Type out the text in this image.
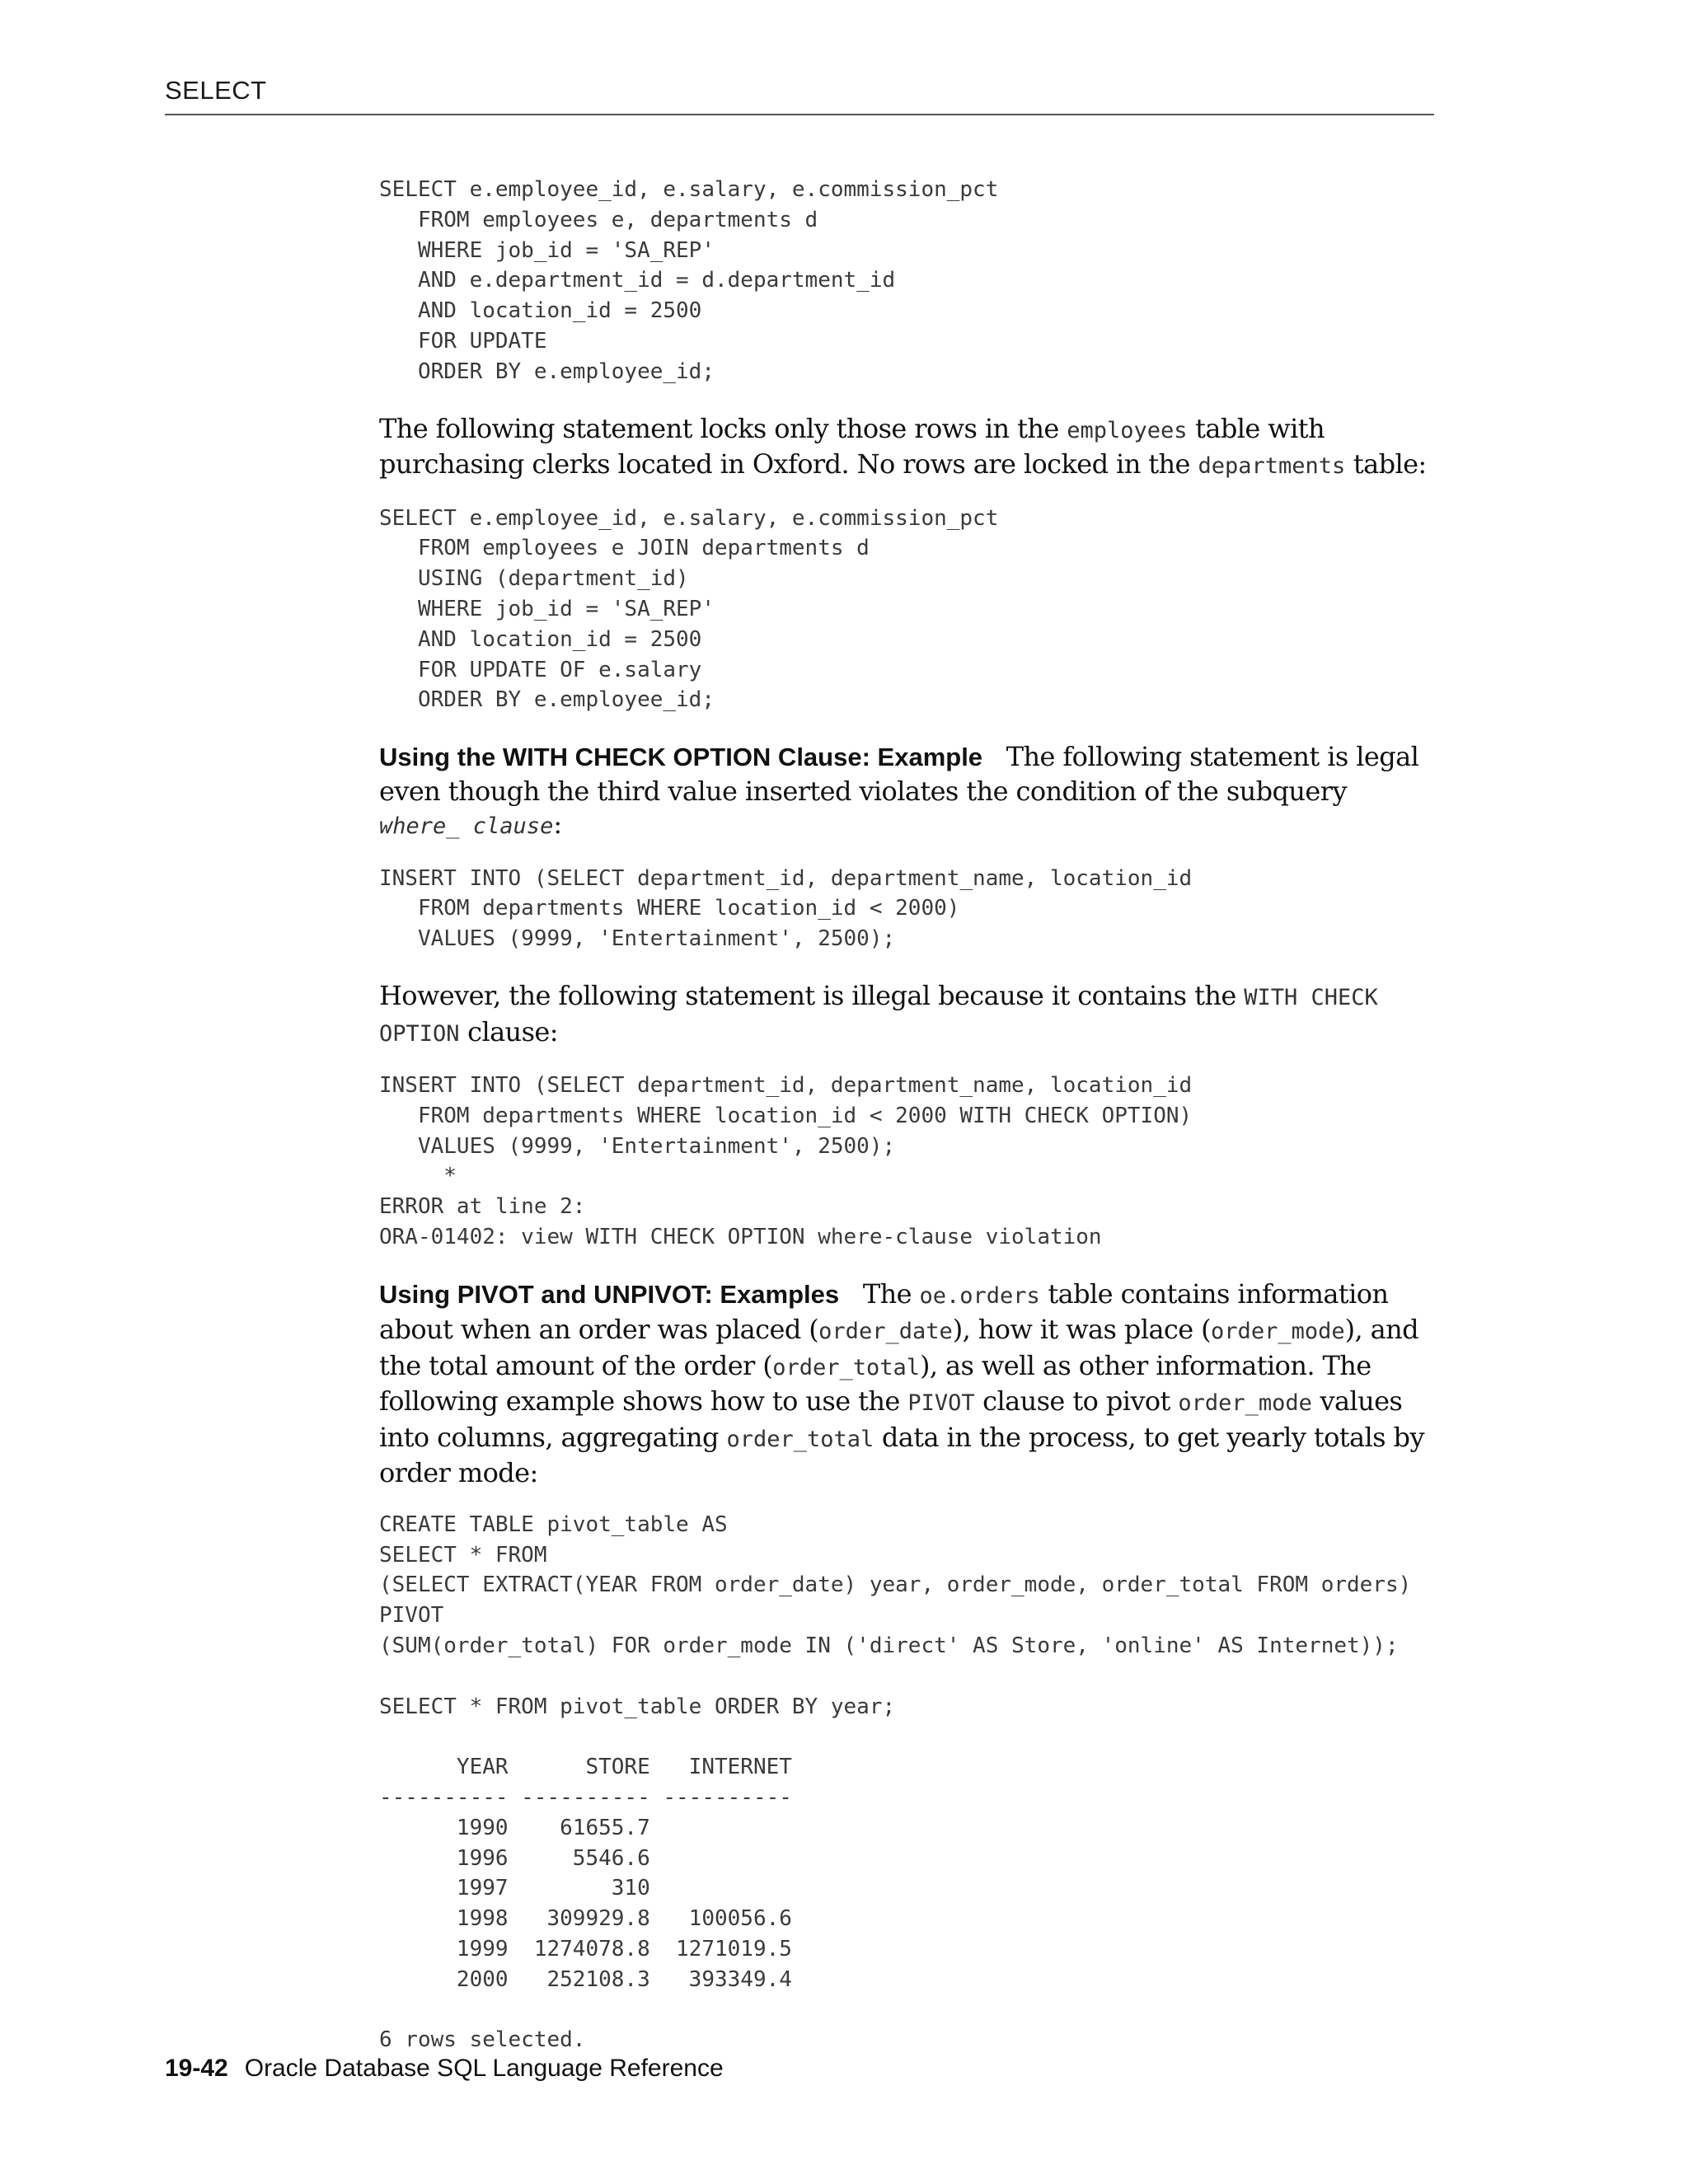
SELECT
SELECT e.employee_id, e.salary, e.commission_pct
FROM employees e, departments d
WHERE job_id = 'SA_REP'
AND e.department_id = d.department_id
AND location_id = 2500
FOR UPDATE
ORDER BY e.employee_id;

The following statement locks only those rows in the employees table with purchasing clerks located in Oxford. No rows are locked in the departments table:

SELECT e.employee_id, e.salary, e.commission_pct
FROM employees e JOIN departments d
USING (department_id)
WHERE job_id = 'SA_REP'
AND location_id = 2500
FOR UPDATE OF e.salary
ORDER BY e.employee_id;

Using the WITH CHECK OPTION Clause: Example The following statement is legal even though the third value inserted violates the condition of the subquery where_ clause:

INSERT INTO (SELECT department_id, department_name, location_id
FROM departments WHERE location_id < 2000)
VALUES (9999, 'Entertainment', 2500);

However, the following statement is illegal because it contains the WITH CHECK OPTION clause:

INSERT INTO (SELECT department_id, department_name, location_id
FROM departments WHERE location_id < 2000 WITH CHECK OPTION)
VALUES (9999, 'Entertainment', 2500);
*
ERROR at line 2:
ORA-01402: view WITH CHECK OPTION where-clause violation

Using PIVOT and UNPIVOT: Examples The oe.orders table contains information about when an order was placed (order_date), how it was place (order_mode), and the total amount of the order (order_total), as well as other information. The following example shows how to use the PIVOT clause to pivot order_mode values into columns, aggregating order_total data in the process, to get yearly totals by order mode:

CREATE TABLE pivot_table AS
SELECT * FROM
(SELECT EXTRACT(YEAR FROM order_date) year, order_mode, order_total FROM orders)
PIVOT
(SUM(order_total) FOR order_mode IN ('direct' AS Store, 'online' AS Internet));

SELECT * FROM pivot_table ORDER BY year;

YEAR      STORE   INTERNET
---------- ---------- ----------
1990    61655.7
1996     5546.6
1997        310
1998   309929.8   100056.6
1999  1274078.8  1271019.5
2000   252108.3   393349.4

6 rows selected.
19-42 Oracle Database SQL Language Reference
